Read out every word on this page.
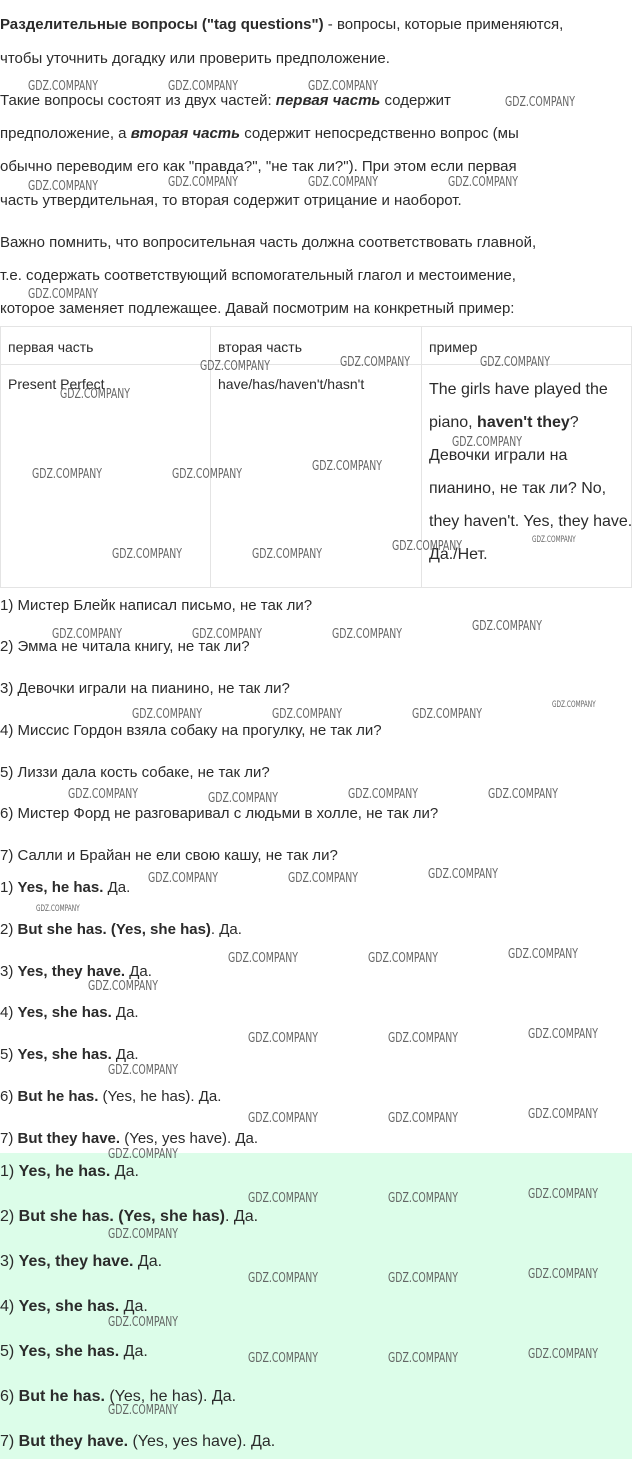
Разделительные вопросы ("tag questions") - вопросы, которые применяются,
чтобы уточнить догадку или проверить предположение.
Такие вопросы состоят из двух частей: первая часть содержит
предположение, а вторая часть содержит непосредственно вопрос (мы
обычно переводим его как "правда?", "не так ли?"). При этом если первая
часть утвердительная, то вторая содержит отрицание и наоборот.
Важно помнить, что вопросительная часть должна соответствовать главной,
т.е. содержать соответствующий вспомогательный глагол и местоимение,
которое заменяет подлежащее. Давай посмотрим на конкретный пример:
первая часть	вторая часть	пример
Present Perfect	have/has/haven't/hasn't	The girls have played the piano, haven't they? Девочки играли на пианино, не так ли? No, they haven't. Yes, they have. Да./Нет.
1) Мистер Блейк написал письмо, не так ли?
2) Эмма не читала книгу, не так ли?
3) Девочки играли на пианино, не так ли?
4) Миссис Гордон взяла собаку на прогулку, не так ли?
5) Лиззи дала кость собаке, не так ли?
6) Мистер Форд не разговаривал с людьми в холле, не так ли?
7) Салли и Брайан не ели свою кашу, не так ли?
1) Yes, he has. Да.
2) But she has. (Yes, she has). Да.
3) Yes, they have. Да.
4) Yes, she has. Да.
5) Yes, she has. Да.
6) But he has. (Yes, he has). Да.
7) But they have. (Yes, yes have). Да.
1) Yes, he has. Да.
2) But she has. (Yes, she has). Да.
3) Yes, they have. Да.
4) Yes, she has. Да.
5) Yes, she has. Да.
6) But he has. (Yes, he has). Да.
7) But they have. (Yes, yes have). Да.
GDZ.COMPANY	GDZ.COMPANY	GDZ.COMPANY
GDZ.COMPANY
GDZ.COMPANY	GDZ.COMPANY	GDZ.COMPANY	GDZ.COMPANY
GDZ.COMPANY
GDZ.COMPANY	GDZ.COMPANY	GDZ.COMPANY
GDZ.COMPANY
GDZ.COMPANY
GDZ.COMPANY	GDZ.COMPANY
GDZ.COMPANY
GDZ.COMPANY	GDZ.COMPANY
GDZ.COMPANY	GDZ.COMPANY
GDZ.COMPANY	GDZ.COMPANY	GDZ.COMPANY
GDZ.COMPANY
GDZ.COMPANY
GDZ.COMPANY	GDZ.COMPANY	GDZ.COMPANY
GDZ.COMPANY	GDZ.COMPANY	GDZ.COMPANY	GDZ.COMPANY
GDZ.COMPANY	GDZ.COMPANY	GDZ.COMPANY
GDZ.COMPANY
GDZ.COMPANY	GDZ.COMPANY	GDZ.COMPANY
GDZ.COMPANY
GDZ.COMPANY	GDZ.COMPANY	GDZ.COMPANY
GDZ.COMPANY
GDZ.COMPANY	GDZ.COMPANY	GDZ.COMPANY
GDZ.COMPANY
GDZ.COMPANY	GDZ.COMPANY	GDZ.COMPANY
GDZ.COMPANY
GDZ.COMPANY	GDZ.COMPANY	GDZ.COMPANY
GDZ.COMPANY
GDZ.COMPANY	GDZ.COMPANY	GDZ.COMPANY
GDZ.COMPANY
